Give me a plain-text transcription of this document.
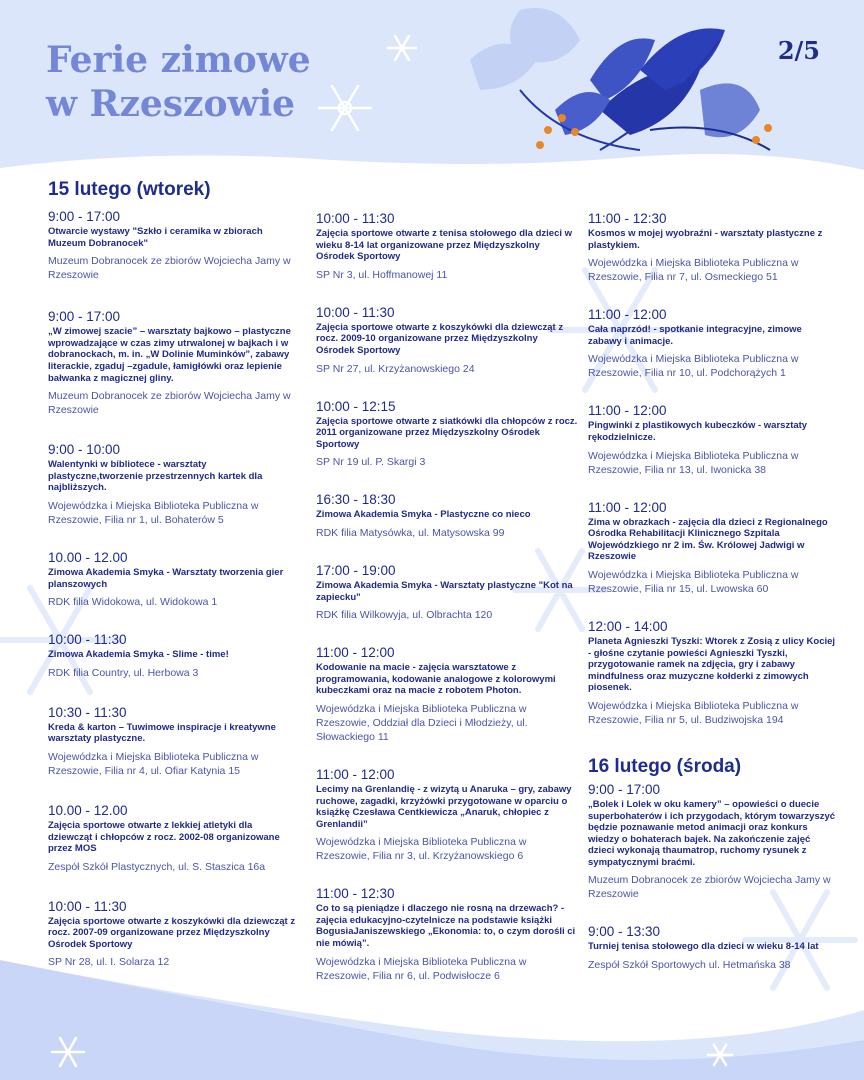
Ferie zimowe
w Rzeszowie
2/5
15 lutego (wtorek)
9:00 - 17:00
Otwarcie wystawy "Szkło i ceramika w zbiorach Muzeum Dobranocek"
Muzeum Dobranocek ze zbiorów Wojciecha Jamy w Rzeszowie
9:00 - 17:00
„W zimowej szacie” – warsztaty bajkowo – plastyczne wprowadzające w czas zimy utrwalonej w bajkach i w dobranockach, m. in. „W Dolinie Muminków”, zabawy literackie, zgaduj –zgadule, łamigłówki oraz lepienie bałwanka z magicznej gliny.
Muzeum Dobranocek ze zbiorów Wojciecha Jamy w Rzeszowie
9:00 - 10:00
Walentynki w bibliotece - warsztaty plastyczne,tworzenie przestrzennych kartek dla najbliższych.
Wojewódzka i Miejska Biblioteka Publiczna w Rzeszowie, Filia nr 1, ul. Bohaterów 5
10.00 - 12.00
Zimowa Akademia Smyka - Warsztaty tworzenia gier planszowych
RDK filia Widokowa, ul. Widokowa 1
10:00 - 11:30
Zimowa Akademia Smyka - Slime - time!
RDK filia Country, ul. Herbowa 3
10:30 - 11:30
Kreda & karton – Tuwimowe inspiracje i kreatywne warsztaty plastyczne.
Wojewódzka i Miejska Biblioteka Publiczna w Rzeszowie, Filia nr 4, ul. Ofiar Katynia 15
10.00 - 12.00
Zajęcia sportowe otwarte z lekkiej atletyki dla dziewcząt i chłopców z rocz. 2002-08 organizowane przez MOS
Zespół Szkół Plastycznych, ul. S. Staszica 16a
10:00 - 11:30
Zajęcia sportowe otwarte z koszykówki dla dziewcząt z rocz. 2007-09 organizowane przez Międzyszkolny Ośrodek Sportowy
SP Nr 28, ul. I. Solarza 12
10:00 - 11:30
Zajęcia sportowe otwarte z tenisa stołowego dla dzieci w wieku 8-14 lat organizowane przez Międzyszkolny Ośrodek Sportowy
SP Nr 3, ul. Hoffmanowej 11
10:00 - 11:30
Zajęcia sportowe otwarte z koszykówki dla dziewcząt z rocz. 2009-10 organizowane przez Międzyszkolny Ośrodek Sportowy
SP Nr 27, ul. Krzyżanowskiego 24
10:00 - 12:15
Zajęcia sportowe otwarte z siatkówki dla chłopców z rocz. 2011 organizowane przez Międzyszkolny Ośrodek Sportowy
SP Nr 19 ul. P. Skargi 3
16:30 - 18:30
Zimowa Akademia Smyka - Plastyczne co nieco
RDK filia Matysówka, ul. Matysowska 99
17:00 - 19:00
Zimowa Akademia Smyka - Warsztaty plastyczne "Kot na zapiecku"
RDK filia Wilkowyja, ul. Olbrachta 120
11:00 - 12:00
Kodowanie na macie - zajęcia warsztatowe z programowania, kodowanie analogowe z kolorowymi kubeczkami oraz na macie z robotem Photon.
Wojewódzka i Miejska Biblioteka Publiczna w Rzeszowie, Oddział dla Dzieci i Młodzieży, ul. Słowackiego 11
11:00 - 12:00
Lecimy na Grenlandię - z wizytą u Anaruka – gry, zabawy ruchowe, zagadki, krzyżówki przygotowane w oparciu o książkę Czesława Centkiewicza „Anaruk, chłopiec z Grenlandii”
Wojewódzka i Miejska Biblioteka Publiczna w Rzeszowie, Filia nr 3, ul. Krzyżanowskiego 6
11:00 - 12:30
Co to są pieniądze i dlaczego nie rosną na drzewach? - zajęcia edukacyjno-czytelnicze na podstawie książki BogusiaJaniszewskiego „Ekonomia: to, o czym dorośli ci nie mówią”.
Wojewódzka i Miejska Biblioteka Publiczna w Rzeszowie, Filia nr 6, ul. Podwisłocze 6
11:00 - 12:30
Kosmos w mojej wyobraźni - warsztaty plastyczne z plastykiem.
Wojewódzka i Miejska Biblioteka Publiczna w Rzeszowie, Filia nr 7, ul. Osmeckiego 51
11:00 - 12:00
Cała naprzód! - spotkanie integracyjne, zimowe zabawy i animacje.
Wojewódzka i Miejska Biblioteka Publiczna w Rzeszowie, Filia nr 10, ul. Podchorążych 1
11:00 - 12:00
Pingwinki z plastikowych kubeczków - warsztaty rękodzielnicze.
Wojewódzka i Miejska Biblioteka Publiczna w Rzeszowie, Filia nr 13, ul. Iwonicka 38
11:00 - 12:00
Zima w obrazkach - zajęcia dla dzieci z Regionalnego Ośrodka Rehabilitacji Klinicznego Szpitala Wojewódzkiego nr 2 im. Św. Królowej Jadwigi w Rzeszowie
Wojewódzka i Miejska Biblioteka Publiczna w Rzeszowie, Filia nr 15, ul. Lwowska 60
12:00 - 14:00
Planeta Agnieszki Tyszki: Wtorek z Zosią z ulicy Kociej - głośne czytanie powieści Agnieszki Tyszki, przygotowanie ramek na zdjęcia, gry i zabawy mindfulness oraz muzyczne kołderki z zimowych piosenek.
Wojewódzka i Miejska Biblioteka Publiczna w Rzeszowie, Filia nr 5, ul. Budziwojska 194
16 lutego (środa)
9:00 - 17:00
„Bolek i Lolek w oku kamery” – opowieści o duecie superbohaterów i ich przygodach, którym towarzyszyć będzie poznawanie metod animacji oraz konkurs wiedzy o bohaterach bajek. Na zakończenie zajęć dzieci wykonają thaumatrop, ruchomy rysunek z sympatycznymi braćmi.
Muzeum Dobranocek ze zbiorów Wojciecha Jamy w Rzeszowie
9:00 - 13:30
Turniej tenisa stołowego dla dzieci w wieku 8-14 lat
Zespół Szkół Sportowych ul. Hetmańska 38
